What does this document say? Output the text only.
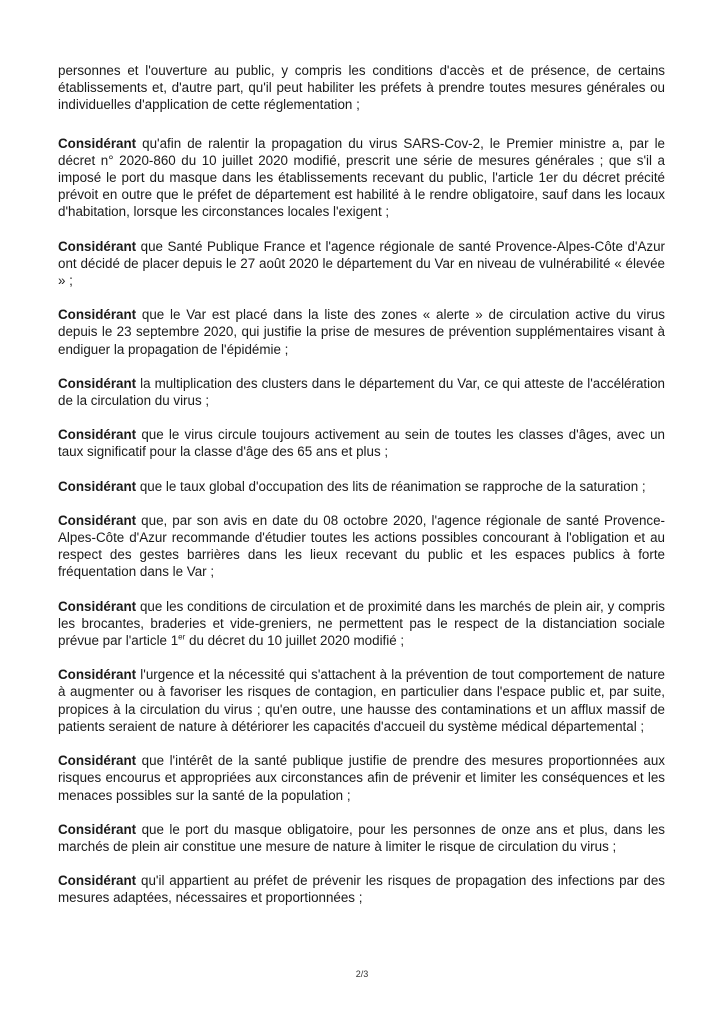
personnes et l'ouverture au public, y compris les conditions d'accès et de présence, de certains établissements et, d'autre part, qu'il peut habiliter les préfets à prendre toutes mesures générales ou individuelles d'application de cette réglementation ;

Considérant qu'afin de ralentir la propagation du virus SARS-Cov-2, le Premier ministre a, par le décret n° 2020-860 du 10 juillet 2020 modifié, prescrit une série de mesures générales ; que s'il a imposé le port du masque dans les établissements recevant du public, l'article 1er du décret précité prévoit en outre que le préfet de département est habilité à le rendre obligatoire, sauf dans les locaux d'habitation, lorsque les circonstances locales l'exigent ;

Considérant que Santé Publique France et l'agence régionale de santé Provence-Alpes-Côte d'Azur ont décidé de placer depuis le 27 août 2020 le département du Var en niveau de vulnérabilité « élevée » ;

Considérant que le Var est placé dans la liste des zones « alerte » de circulation active du virus depuis le 23 septembre 2020, qui justifie la prise de mesures de prévention supplémentaires visant à endiguer la propagation de l'épidémie ;

Considérant la multiplication des clusters dans le département du Var, ce qui atteste de l'accélération de la circulation du virus ;

Considérant que le virus circule toujours activement au sein de toutes les classes d'âges, avec un taux significatif pour la classe d'âge des 65 ans et plus ;

Considérant que le taux global d'occupation des lits de réanimation se rapproche de la saturation ;

Considérant que, par son avis en date du 08 octobre 2020, l'agence régionale de santé Provence-Alpes-Côte d'Azur recommande d'étudier toutes les actions possibles concourant à l'obligation et au respect des gestes barrières dans les lieux recevant du public et les espaces publics à forte fréquentation dans le Var ;

Considérant que les conditions de circulation et de proximité dans les marchés de plein air, y compris les brocantes, braderies et vide-greniers, ne permettent pas le respect de la distanciation sociale prévue par l'article 1er du décret du 10 juillet 2020 modifié ;

Considérant l'urgence et la nécessité qui s'attachent à la prévention de tout comportement de nature à augmenter ou à favoriser les risques de contagion, en particulier dans l'espace public et, par suite, propices à la circulation du virus ; qu'en outre, une hausse des contaminations et un afflux massif de patients seraient de nature à détériorer les capacités d'accueil du système médical départemental ;

Considérant que l'intérêt de la santé publique justifie de prendre des mesures proportionnées aux risques encourus et appropriées aux circonstances afin de prévenir et limiter les conséquences et les menaces possibles sur la santé de la population ;

Considérant que le port du masque obligatoire, pour les personnes de onze ans et plus, dans les marchés de plein air constitue une mesure de nature à limiter le risque de circulation du virus ;

Considérant qu'il appartient au préfet de prévenir les risques de propagation des infections par des mesures adaptées, nécessaires et proportionnées ;

2/3
